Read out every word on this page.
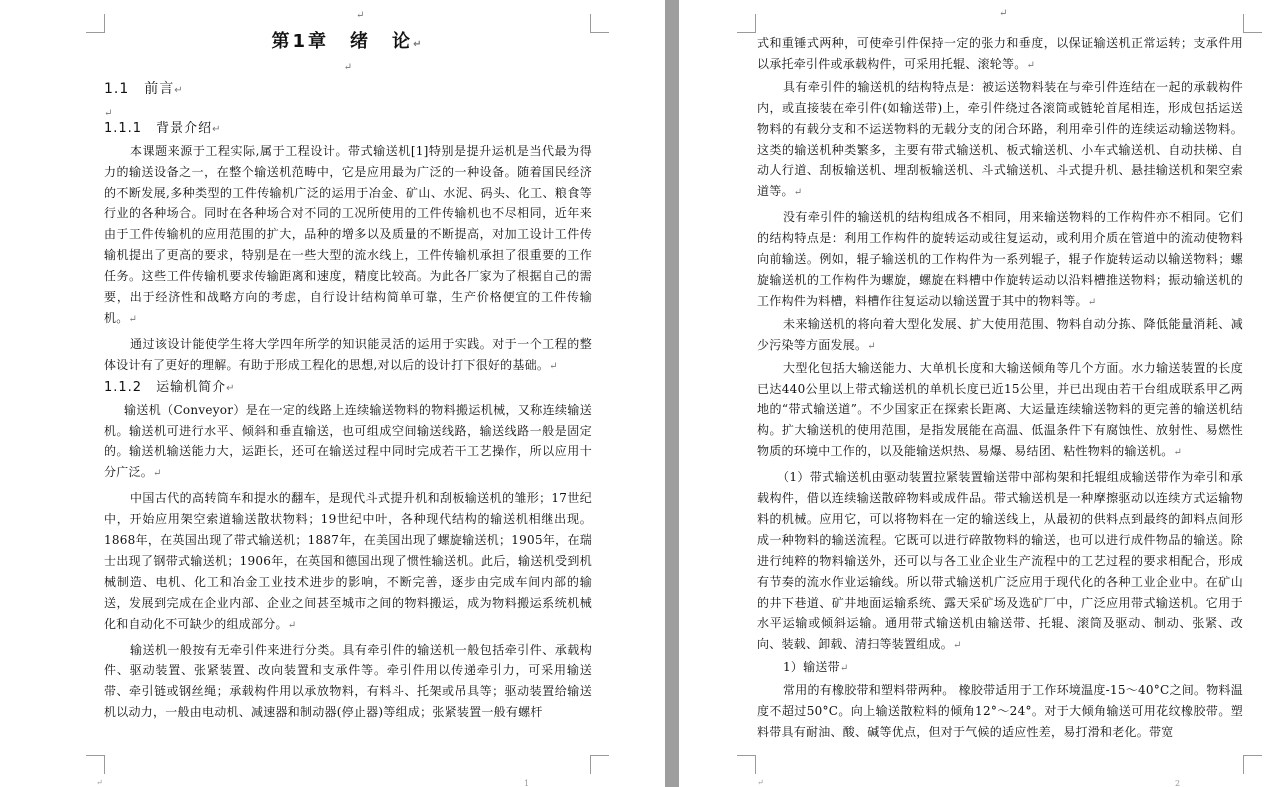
↵

第1章　绪　论↵

↵

1.1　前言↵

↵

1.1.1　背景介绍↵

本课题来源于工程实际,属于工程设计。带式输送机[1]特别是提升运机是当代最为得力的输送设备之一，在整个输送机范畴中，它是应用最为广泛的一种设备。随着国民经济的不断发展,多种类型的工件传输机广泛的运用于冶金、矿山、水泥、码头、化工、粮食等行业的各种场合。同时在各种场合对不同的工况所使用的工件传输机也不尽相同，近年来由于工件传输机的应用范围的扩大，品种的增多以及质量的不断提高，对加工设计工件传输机提出了更高的要求，特别是在一些大型的流水线上，工件传输机承担了很重要的工作任务。这些工件传输机要求传输距离和速度，精度比较高。为此各厂家为了根据自己的需要，出于经济性和战略方向的考虑，自行设计结构简单可靠，生产价格便宜的工件传输机。↵

通过该设计能使学生将大学四年所学的知识能灵活的运用于实践。对于一个工程的整体设计有了更好的理解。有助于形成工程化的思想,对以后的设计打下很好的基础。↵

1.1.2　运输机简介↵

输送机（Conveyor）是在一定的线路上连续输送物料的物料搬运机械，又称连续输送机。输送机可进行水平、倾斜和垂直输送，也可组成空间输送线路，输送线路一般是固定的。输送机输送能力大，运距长，还可在输送过程中同时完成若干工艺操作，所以应用十分广泛。↵

中国古代的高转筒车和提水的翻车，是现代斗式提升机和刮板输送机的雏形；17世纪中，开始应用架空索道输送散状物料；19世纪中叶，各种现代结构的输送机相继出现。1868年，在英国出现了带式输送机；1887年，在美国出现了螺旋输送机；1905年，在瑞士出现了钢带式输送机；1906年，在英国和德国出现了惯性输送机。此后，输送机受到机械制造、电机、化工和冶金工业技术进步的影响，不断完善，逐步由完成车间内部的输送，发展到完成在企业内部、企业之间甚至城市之间的物料搬运，成为物料搬运系统机械化和自动化不可缺少的组成部分。↵

输送机一般按有无牵引件来进行分类。具有牵引件的输送机一般包括牵引件、承载构件、驱动装置、张紧装置、改向装置和支承件等。牵引件用以传递牵引力，可采用输送带、牵引链或钢丝绳；承载构件用以承放物料，有料斗、托架或吊具等；驱动装置给输送机以动力，一般由电动机、减速器和制动器(停止器)等组成；张紧装置一般有螺杆

↵	1
↵

式和重锤式两种，可使牵引件保持一定的张力和垂度，以保证输送机正常运转；支承件用以承托牵引件或承载构件，可采用托辊、滚轮等。↵

具有牵引件的输送机的结构特点是：被运送物料装在与牵引件连结在一起的承载构件内，或直接装在牵引件(如输送带)上，牵引件绕过各滚筒或链轮首尾相连，形成包括运送物料的有载分支和不运送物料的无载分支的闭合环路，利用牵引件的连续运动输送物料。这类的输送机种类繁多，主要有带式输送机、板式输送机、小车式输送机、自动扶梯、自动人行道、刮板输送机、埋刮板输送机、斗式输送机、斗式提升机、悬挂输送机和架空索道等。↵

没有牵引件的输送机的结构组成各不相同，用来输送物料的工作构件亦不相同。它们的结构特点是：利用工作构件的旋转运动或往复运动，或利用介质在管道中的流动使物料向前输送。例如，辊子输送机的工作构件为一系列辊子，辊子作旋转运动以输送物料；螺旋输送机的工作构件为螺旋，螺旋在料槽中作旋转运动以沿料槽推送物料；振动输送机的工作构件为料槽，料槽作往复运动以输送置于其中的物料等。↵

未来输送机的将向着大型化发展、扩大使用范围、物料自动分拣、降低能量消耗、减少污染等方面发展。↵

大型化包括大输送能力、大单机长度和大输送倾角等几个方面。水力输送装置的长度已达440公里以上带式输送机的单机长度已近15公里，并已出现由若干台组成联系甲乙两地的“带式输送道”。不少国家正在探索长距离、大运量连续输送物料的更完善的输送机结构。扩大输送机的使用范围，是指发展能在高温、低温条件下有腐蚀性、放射性、易燃性物质的环境中工作的，以及能输送炽热、易爆、易结团、粘性物料的输送机。↵

（1）带式输送机由驱动装置拉紧装置输送带中部构架和托辊组成输送带作为牵引和承载构件，借以连续输送散碎物料或成件品。带式输送机是一种摩擦驱动以连续方式运输物料的机械。应用它，可以将物料在一定的输送线上，从最初的供料点到最终的卸料点间形成一种物料的输送流程。它既可以进行碎散物料的输送，也可以进行成件物品的输送。除进行纯粹的物料输送外，还可以与各工业企业生产流程中的工艺过程的要求相配合，形成有节奏的流水作业运输线。所以带式输送机广泛应用于现代化的各种工业企业中。在矿山的井下巷道、矿井地面运输系统、露天采矿场及选矿厂中，广泛应用带式输送机。它用于水平运输或倾斜运输。通用带式输送机由输送带、托辊、滚筒及驱动、制动、张紧、改向、装载、卸载、清扫等装置组成。↵

1）输送带↵

常用的有橡胶带和塑料带两种。 橡胶带适用于工作环境温度-15～40°C之间。物料温度不超过50°C。向上输送散粒料的倾角12°～24°。对于大倾角输送可用花纹橡胶带。塑料带具有耐油、酸、碱等优点，但对于气候的适应性差，易打滑和老化。带宽

↵	2
